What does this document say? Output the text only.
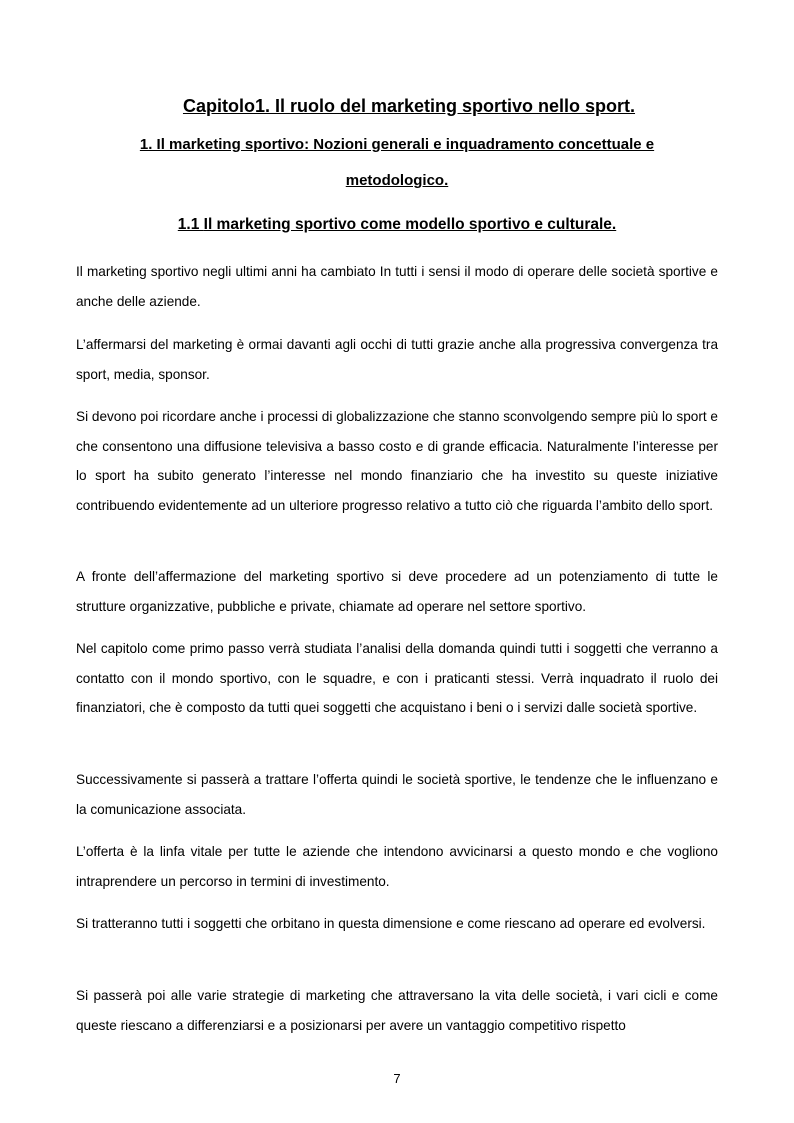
Capitolo1. Il ruolo del marketing sportivo nello sport.
1. Il marketing sportivo: Nozioni generali e inquadramento concettuale e
metodologico.
1.1 Il marketing sportivo come modello sportivo e culturale.

Il marketing sportivo negli ultimi anni ha cambiato In tutti i sensi il modo di operare delle società sportive e anche delle aziende.

L’affermarsi del marketing è ormai davanti agli occhi di tutti grazie anche alla progressiva convergenza tra sport, media, sponsor.

Si devono poi ricordare anche i processi di globalizzazione che stanno sconvolgendo sempre più lo sport e che consentono una diffusione televisiva a basso costo e di grande efficacia. Naturalmente l’interesse per lo sport ha subito generato l’interesse nel mondo finanziario che ha investito su queste iniziative contribuendo evidentemente ad un ulteriore progresso relativo a tutto ciò che riguarda l’ambito dello sport.

A fronte dell’affermazione del marketing sportivo si deve procedere ad un potenziamento di tutte le strutture organizzative, pubbliche e private, chiamate ad operare nel settore sportivo.

Nel capitolo come primo passo verrà studiata l’analisi della domanda quindi tutti i soggetti che verranno a contatto con il mondo sportivo, con le squadre, e con i praticanti stessi. Verrà inquadrato il ruolo dei finanziatori, che è composto da tutti quei soggetti che acquistano i beni o i servizi dalle società sportive.

Successivamente si passerà a trattare l’offerta quindi le società sportive, le tendenze che le influenzano e la comunicazione associata.

L’offerta è la linfa vitale per tutte le aziende che intendono avvicinarsi a questo mondo e che vogliono intraprendere un percorso in termini di investimento.

Si tratteranno tutti i soggetti che orbitano in questa dimensione e come riescano ad operare ed evolversi.

Si passerà poi alle varie strategie di marketing che attraversano la vita delle società, i vari cicli e come queste riescano a differenziarsi e a posizionarsi per avere un vantaggio competitivo rispetto

7
